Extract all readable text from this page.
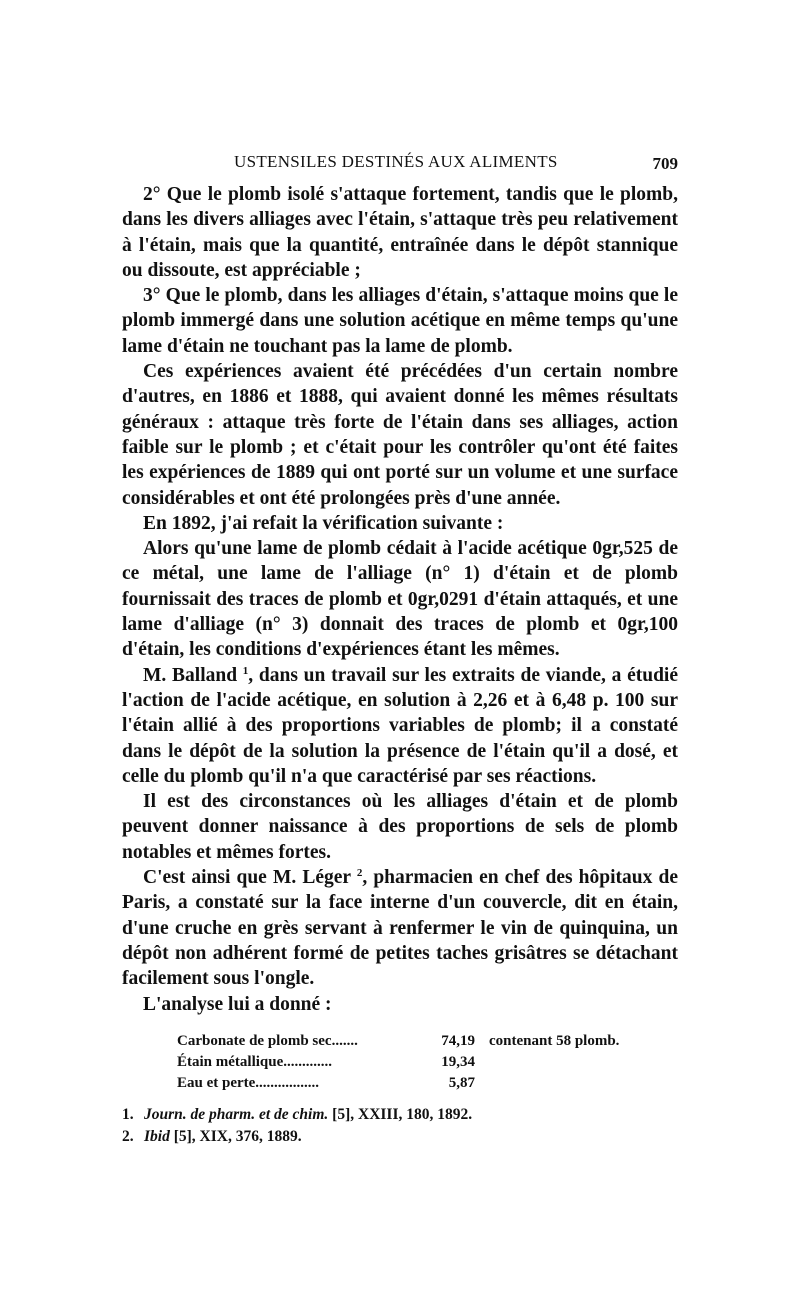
USTENSILES DESTINÉS AUX ALIMENTS	709

2° Que le plomb isolé s'attaque fortement, tandis que le plomb, dans les divers alliages avec l'étain, s'attaque très peu relativement à l'étain, mais que la quantité, entraînée dans le dépôt stannique ou dissoute, est appréciable ;

3° Que le plomb, dans les alliages d'étain, s'attaque moins que le plomb immergé dans une solution acétique en même temps qu'une lame d'étain ne touchant pas la lame de plomb.

Ces expériences avaient été précédées d'un certain nombre d'autres, en 1886 et 1888, qui avaient donné les mêmes résultats généraux : attaque très forte de l'étain dans ses alliages, action faible sur le plomb ; et c'était pour les contrôler qu'ont été faites les expériences de 1889 qui ont porté sur un volume et une surface considérables et ont été prolongées près d'une année.

En 1892, j'ai refait la vérification suivante :

Alors qu'une lame de plomb cédait à l'acide acétique 0gr,525 de ce métal, une lame de l'alliage (n° 1) d'étain et de plomb fournissait des traces de plomb et 0gr,0291 d'étain attaqués, et une lame d'alliage (n° 3) donnait des traces de plomb et 0gr,100 d'étain, les conditions d'expériences étant les mêmes.

M. Balland $^1$, dans un travail sur les extraits de viande, a étudié l'action de l'acide acétique, en solution à 2,26 et à 6,48 p. 100 sur l'étain allié à des proportions variables de plomb; il a constaté dans le dépôt de la solution la présence de l'étain qu'il a dosé, et celle du plomb qu'il n'a que caractérisé par ses réactions.

Il est des circonstances où les alliages d'étain et de plomb peuvent donner naissance à des proportions de sels de plomb notables et mêmes fortes.

C'est ainsi que M. Léger $^2$, pharmacien en chef des hôpitaux de Paris, a constaté sur la face interne d'un couvercle, dit en étain, d'une cruche en grès servant à renfermer le vin de quinquina, un dépôt non adhérent formé de petites taches grisâtres se détachant facilement sous l'ongle.

L'analyse lui a donné :

Carbonate de plomb sec.......	74,19 contenant 58 plomb.
Étain métallique.............	19,34
Eau et perte.................	5,87
1. Journ. de pharm. et de chim. [5], XXIII, 180, 1892.
2. Ibid [5], XIX, 376, 1889.
